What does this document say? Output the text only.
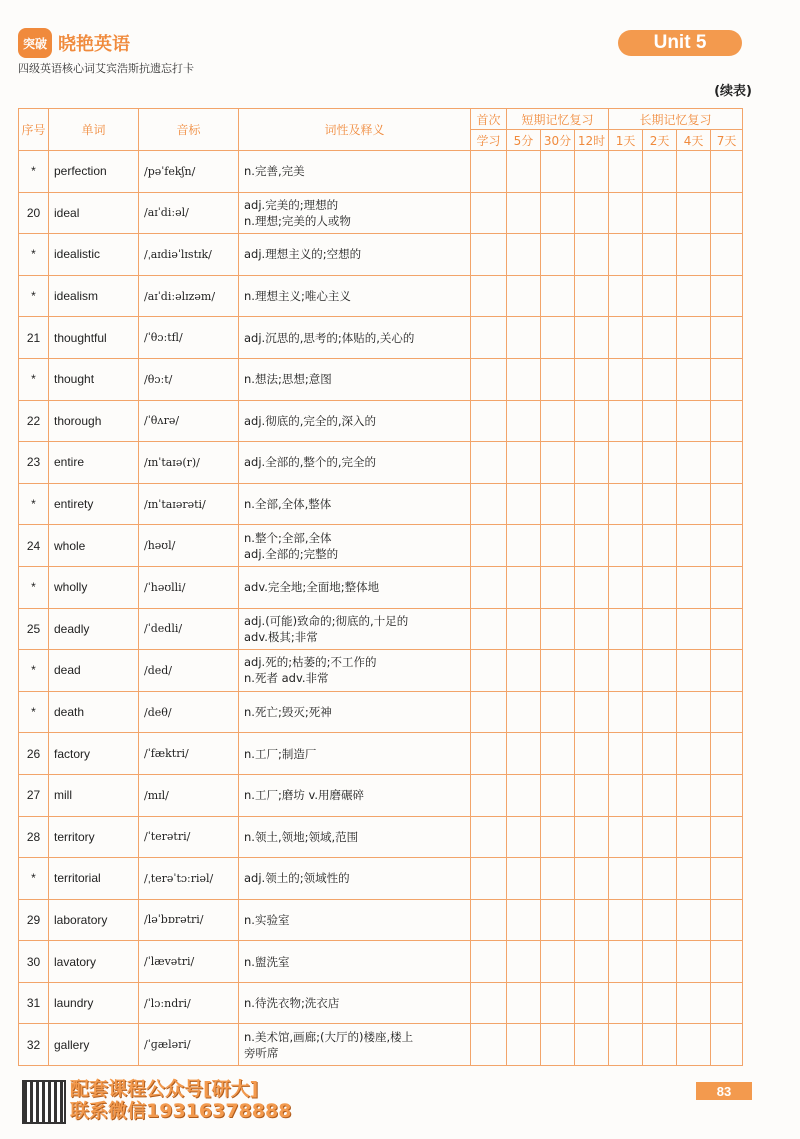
突破 晓艳英语
四级英语核心词艾宾浩斯抗遗忘打卡
Unit 5
(续表)
序号	单词	音标	词性及释义	首次	短期记忆复习			长期记忆复习			
				学习	5分	30分	12时	1天	2天	4天	7天
*	perfection	/pəˈfekʃn/	n.完善,完美								

20	ideal	/aɪˈdiːəl/	adj.完美的;理想的
n.理想;完美的人或物								

*	idealistic	/ˌaɪdiəˈlɪstɪk/	adj.理想主义的;空想的								

*	idealism	/aɪˈdiːəlɪzəm/	n.理想主义;唯心主义								

21	thoughtful	/ˈθɔːtfl/	adj.沉思的,思考的;体贴的,关心的								

*	thought	/θɔːt/	n.想法;思想;意图								

22	thorough	/ˈθʌrə/	adj.彻底的,完全的,深入的								

23	entire	/ɪnˈtaɪə(r)/	adj.全部的,整个的,完全的								

*	entirety	/ɪnˈtaɪərəti/	n.全部,全体,整体								

24	whole	/həʊl/	n.整个;全部,全体
adj.全部的;完整的								

*	wholly	/ˈhəʊlli/	adv.完全地;全面地;整体地								

25	deadly	/ˈdedli/	adj.(可能)致命的;彻底的,十足的
adv.极其;非常								

*	dead	/ded/	adj.死的;枯萎的;不工作的
n.死者 adv.非常								

*	death	/deθ/	n.死亡;毁灭;死神								

26	factory	/ˈfæktri/	n.工厂;制造厂								

27	mill	/mɪl/	n.工厂;磨坊 v.用磨碾碎								

28	territory	/ˈterətri/	n.领土,领地;领域,范围								

*	territorial	/ˌterəˈtɔːriəl/	adj.领土的;领域性的								

29	laboratory	/ləˈbɒrətri/	n.实验室								

30	lavatory	/ˈlævətri/	n.盥洗室								

31	laundry	/ˈlɔːndri/	n.待洗衣物;洗衣店								

32	gallery	/ˈɡæləri/	n.美术馆,画廊;(大厅的)楼座,楼上
旁听席								

配套课程公众号[研大]
联系微信19316378888
83
